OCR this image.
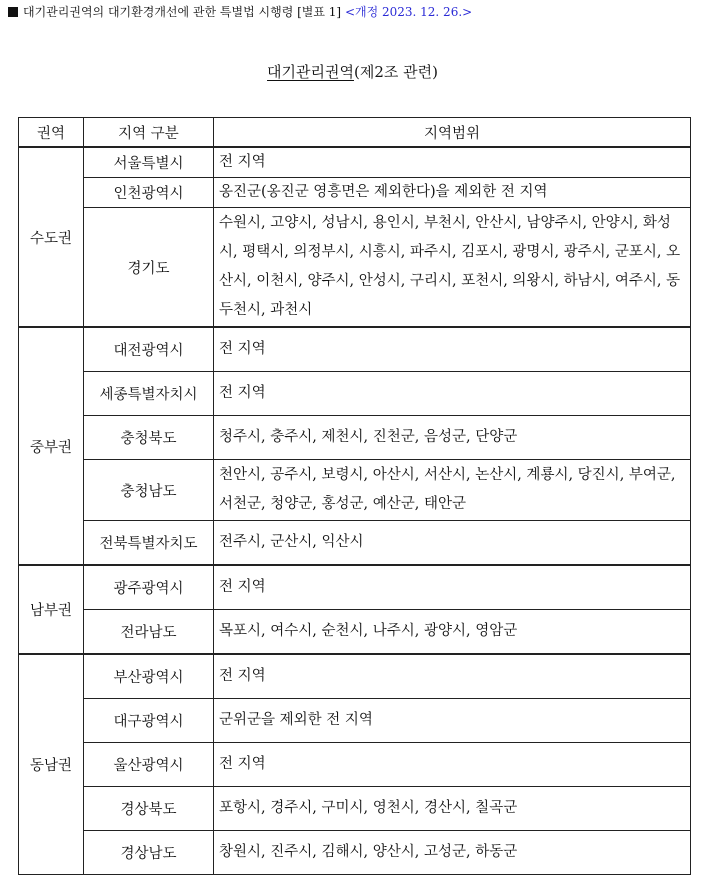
대기관리권역의 대기환경개선에 관한 특별법 시행령 [별표 1] <개정 2023. 12. 26.>
대기관리권역(제2조 관련)
권역	지역 구분	지역범위
수도권	서울특별시	전 지역
	인천광역시	옹진군(옹진군 영흥면은 제외한다)을 제외한 전 지역
	경기도	수원시, 고양시, 성남시, 용인시, 부천시, 안산시, 남양주시, 안양시, 화성시, 평택시, 의정부시, 시흥시, 파주시, 김포시, 광명시, 광주시, 군포시, 오산시, 이천시, 양주시, 안성시, 구리시, 포천시, 의왕시, 하남시, 여주시, 동두천시, 과천시
중부권	대전광역시	전 지역
	세종특별자치시	전 지역
	충청북도	청주시, 충주시, 제천시, 진천군, 음성군, 단양군
	충청남도	천안시, 공주시, 보령시, 아산시, 서산시, 논산시, 계룡시, 당진시, 부여군, 서천군, 청양군, 홍성군, 예산군, 태안군
	전북특별자치도	전주시, 군산시, 익산시
남부권	광주광역시	전 지역
	전라남도	목포시, 여수시, 순천시, 나주시, 광양시, 영암군
동남권	부산광역시	전 지역
	대구광역시	군위군을 제외한 전 지역
	울산광역시	전 지역
	경상북도	포항시, 경주시, 구미시, 영천시, 경산시, 칠곡군
	경상남도	창원시, 진주시, 김해시, 양산시, 고성군, 하동군
